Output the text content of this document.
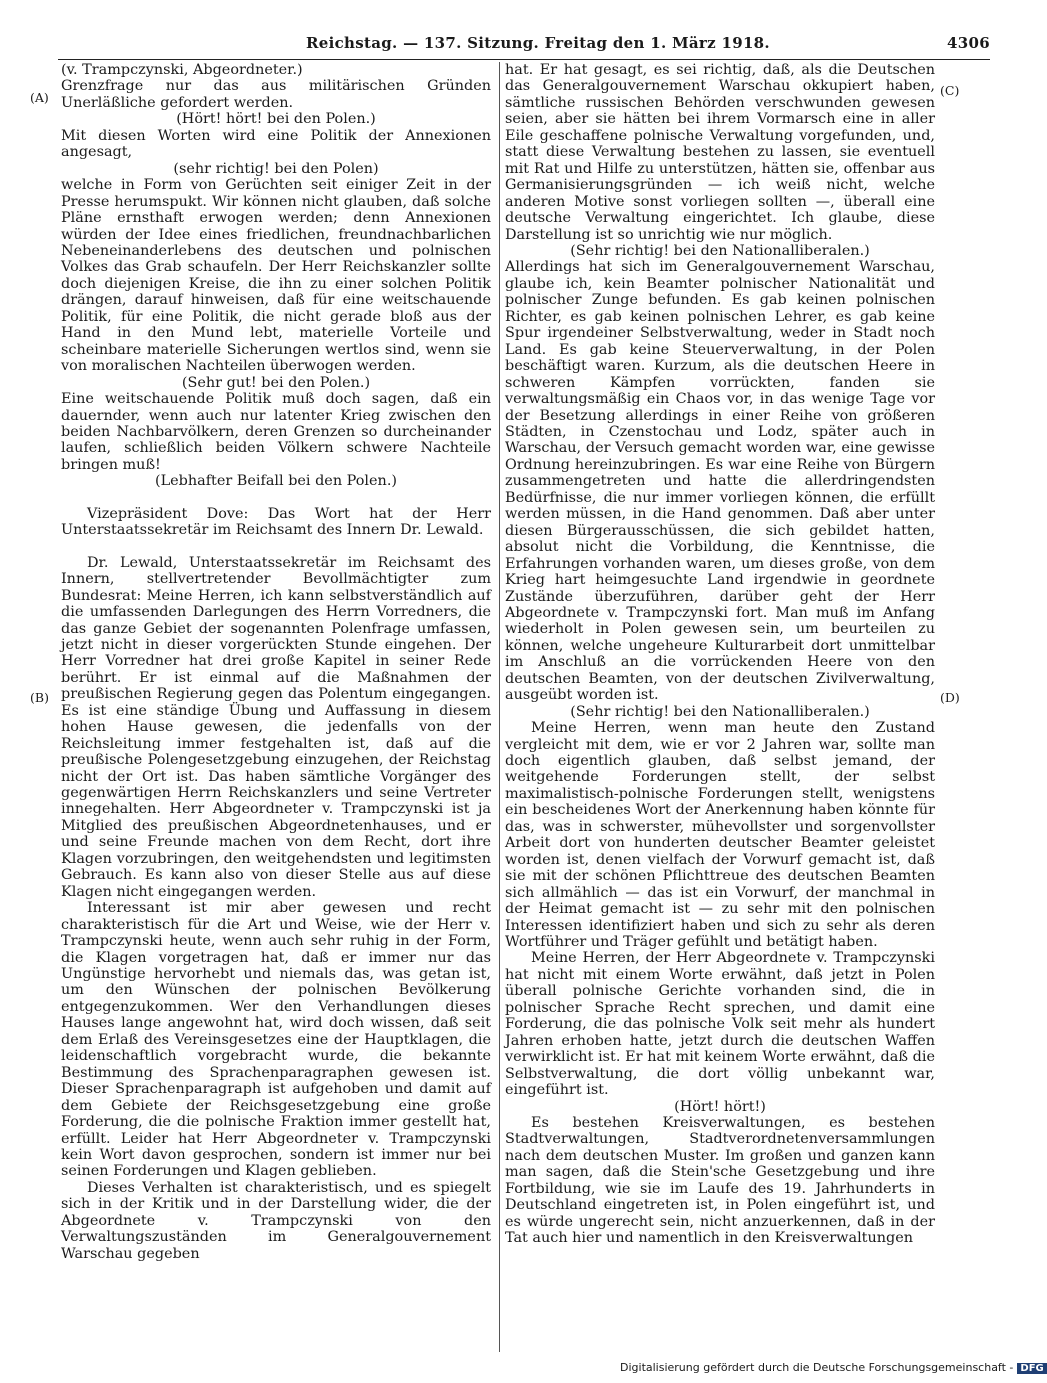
Reichstag. — 137. Sitzung. Freitag den 1. März 1918.	4306
(A)
(B)
(C)
(D)

(v. Trampczynski, Abgeordneter.)

Grenzfrage nur das aus militärischen Gründen Unerläßliche gefordert werden.

(Hört! hört! bei den Polen.)

Mit diesen Worten wird eine Politik der Annexionen angesagt,

(sehr richtig! bei den Polen)

welche in Form von Gerüchten seit einiger Zeit in der Presse herumspukt. Wir können nicht glauben, daß solche Pläne ernsthaft erwogen werden; denn Annexionen würden der Idee eines friedlichen, freundnachbarlichen Nebeneinanderlebens des deutschen und polnischen Volkes das Grab schaufeln. Der Herr Reichskanzler sollte doch diejenigen Kreise, die ihn zu einer solchen Politik drängen, darauf hinweisen, daß für eine weitschauende Politik, für eine Politik, die nicht gerade bloß aus der Hand in den Mund lebt, materielle Vorteile und scheinbare materielle Sicherungen wertlos sind, wenn sie von moralischen Nachteilen überwogen werden.

(Sehr gut! bei den Polen.)

Eine weitschauende Politik muß doch sagen, daß ein dauernder, wenn auch nur latenter Krieg zwischen den beiden Nachbarvölkern, deren Grenzen so durcheinander laufen, schließlich beiden Völkern schwere Nachteile bringen muß!

(Lebhafter Beifall bei den Polen.)

Vizepräsident Dove: Das Wort hat der Herr Unterstaatssekretär im Reichsamt des Innern Dr. Lewald.

Dr. Lewald, Unterstaatssekretär im Reichsamt des Innern, stellvertretender Bevollmächtigter zum Bundesrat: Meine Herren, ich kann selbstverständlich auf die umfassenden Darlegungen des Herrn Vorredners, die das ganze Gebiet der sogenannten Polenfrage umfassen, jetzt nicht in dieser vorgerückten Stunde eingehen. Der Herr Vorredner hat drei große Kapitel in seiner Rede berührt. Er ist einmal auf die Maßnahmen der preußischen Regierung gegen das Polentum eingegangen. Es ist eine ständige Übung und Auffassung in diesem hohen Hause gewesen, die jedenfalls von der Reichsleitung immer festgehalten ist, daß auf die preußische Polengesetzgebung einzugehen, der Reichstag nicht der Ort ist. Das haben sämtliche Vorgänger des gegenwärtigen Herrn Reichskanzlers und seine Vertreter innegehalten. Herr Abgeordneter v. Trampczynski ist ja Mitglied des preußischen Abgeordnetenhauses, und er und seine Freunde machen von dem Recht, dort ihre Klagen vorzubringen, den weitgehendsten und legitimsten Gebrauch. Es kann also von dieser Stelle aus auf diese Klagen nicht eingegangen werden.

Interessant ist mir aber gewesen und recht charakteristisch für die Art und Weise, wie der Herr v. Trampczynski heute, wenn auch sehr ruhig in der Form, die Klagen vorgetragen hat, daß er immer nur das Ungünstige hervorhebt und niemals das, was getan ist, um den Wünschen der polnischen Bevölkerung entgegenzukommen. Wer den Verhandlungen dieses Hauses lange angewohnt hat, wird doch wissen, daß seit dem Erlaß des Vereinsgesetzes eine der Hauptklagen, die leidenschaftlich vorgebracht wurde, die bekannte Bestimmung des Sprachenparagraphen gewesen ist. Dieser Sprachenparagraph ist aufgehoben und damit auf dem Gebiete der Reichsgesetzgebung eine große Forderung, die die polnische Fraktion immer gestellt hat, erfüllt. Leider hat Herr Abgeordneter v. Trampczynski kein Wort davon gesprochen, sondern ist immer nur bei seinen Forderungen und Klagen geblieben.

Dieses Verhalten ist charakteristisch, und es spiegelt sich in der Kritik und in der Darstellung wider, die der Abgeordnete v. Trampczynski von den Verwaltungszuständen im Generalgouvernement Warschau gegeben

hat. Er hat gesagt, es sei richtig, daß, als die Deutschen das Generalgouvernement Warschau okkupiert haben, sämtliche russischen Behörden verschwunden gewesen seien, aber sie hätten bei ihrem Vormarsch eine in aller Eile geschaffene polnische Verwaltung vorgefunden, und, statt diese Verwaltung bestehen zu lassen, sie eventuell mit Rat und Hilfe zu unterstützen, hätten sie, offenbar aus Germanisierungsgründen — ich weiß nicht, welche anderen Motive sonst vorliegen sollten —, überall eine deutsche Verwaltung eingerichtet. Ich glaube, diese Darstellung ist so unrichtig wie nur möglich.

(Sehr richtig! bei den Nationalliberalen.)

Allerdings hat sich im Generalgouvernement Warschau, glaube ich, kein Beamter polnischer Nationalität und polnischer Zunge befunden. Es gab keinen polnischen Richter, es gab keinen polnischen Lehrer, es gab keine Spur irgendeiner Selbstverwaltung, weder in Stadt noch Land. Es gab keine Steuerverwaltung, in der Polen beschäftigt waren. Kurzum, als die deutschen Heere in schweren Kämpfen vorrückten, fanden sie verwaltungsmäßig ein Chaos vor, in das wenige Tage vor der Besetzung allerdings in einer Reihe von größeren Städten, in Czenstochau und Lodz, später auch in Warschau, der Versuch gemacht worden war, eine gewisse Ordnung hereinzubringen. Es war eine Reihe von Bürgern zusammengetreten und hatte die allerdringendsten Bedürfnisse, die nur immer vorliegen können, die erfüllt werden müssen, in die Hand genommen. Daß aber unter diesen Bürgerausschüssen, die sich gebildet hatten, absolut nicht die Vorbildung, die Kenntnisse, die Erfahrungen vorhanden waren, um dieses große, von dem Krieg hart heimgesuchte Land irgendwie in geordnete Zustände überzuführen, darüber geht der Herr Abgeordnete v. Trampczynski fort. Man muß im Anfang wiederholt in Polen gewesen sein, um beurteilen zu können, welche ungeheure Kulturarbeit dort unmittelbar im Anschluß an die vorrückenden Heere von den deutschen Beamten, von der deutschen Zivilverwaltung, ausgeübt worden ist.

(Sehr richtig! bei den Nationalliberalen.)

Meine Herren, wenn man heute den Zustand vergleicht mit dem, wie er vor 2 Jahren war, sollte man doch eigentlich glauben, daß selbst jemand, der weitgehende Forderungen stellt, der selbst maximalistisch-polnische Forderungen stellt, wenigstens ein bescheidenes Wort der Anerkennung haben könnte für das, was in schwerster, mühevollster und sorgenvollster Arbeit dort von hunderten deutscher Beamter geleistet worden ist, denen vielfach der Vorwurf gemacht ist, daß sie mit der schönen Pflichttreue des deutschen Beamten sich allmählich — das ist ein Vorwurf, der manchmal in der Heimat gemacht ist — zu sehr mit den polnischen Interessen identifiziert haben und sich zu sehr als deren Wortführer und Träger gefühlt und betätigt haben.

Meine Herren, der Herr Abgeordnete v. Trampczynski hat nicht mit einem Worte erwähnt, daß jetzt in Polen überall polnische Gerichte vorhanden sind, die in polnischer Sprache Recht sprechen, und damit eine Forderung, die das polnische Volk seit mehr als hundert Jahren erhoben hatte, jetzt durch die deutschen Waffen verwirklicht ist. Er hat mit keinem Worte erwähnt, daß die Selbstverwaltung, die dort völlig unbekannt war, eingeführt ist.

(Hört! hört!)

Es bestehen Kreisverwaltungen, es bestehen Stadtverwaltungen, Stadtverordnetenversammlungen nach dem deutschen Muster. Im großen und ganzen kann man sagen, daß die Stein'sche Gesetzgebung und ihre Fortbildung, wie sie im Laufe des 19. Jahrhunderts in Deutschland eingetreten ist, in Polen eingeführt ist, und es würde ungerecht sein, nicht anzuerkennen, daß in der Tat auch hier und namentlich in den Kreisverwaltungen

Digitalisierung gefördert durch die Deutsche Forschungsgemeinschaft - DFG
